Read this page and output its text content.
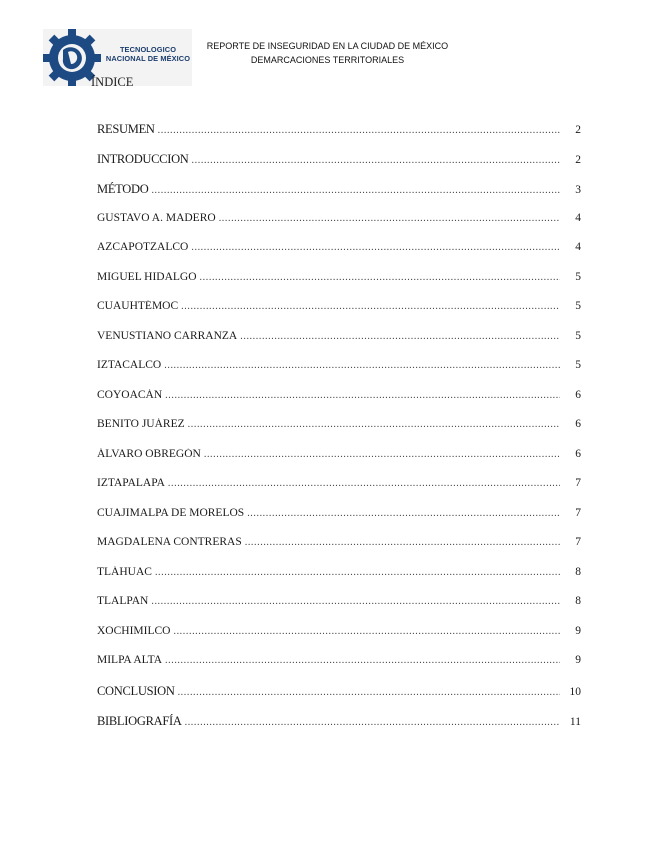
TECNOLOGICO
NACIONAL DE MÉXICO
REPORTE DE INSEGURIDAD EN LA CIUDAD DE MÉXICO
DEMARCACIONES TERRITORIALES
ÍNDICE
RESUMEN .....	2
INTRODUCCION .....	2
MÉTODO .....	3
GUSTAVO A. MADERO .....	4
AZCAPOTZALCO .....	4
MIGUEL HIDALGO .....	5
CUAUHTÉMOC .....	5
VENUSTIANO CARRANZA .....	5
IZTACALCO .....	5
COYOACÁN .....	6
BENITO JUÁREZ .....	6
ÁLVARO OBREGÓN .....	6
IZTAPALAPA .....	7
CUAJIMALPA DE MORELOS .....	7
MAGDALENA CONTRERAS .....	7
TLÁHUAC .....	8
TLALPAN .....	8
XOCHIMILCO .....	9
MILPA ALTA .....	9
CONCLUSION .....	10
BIBLIOGRAFÍA .....	11
